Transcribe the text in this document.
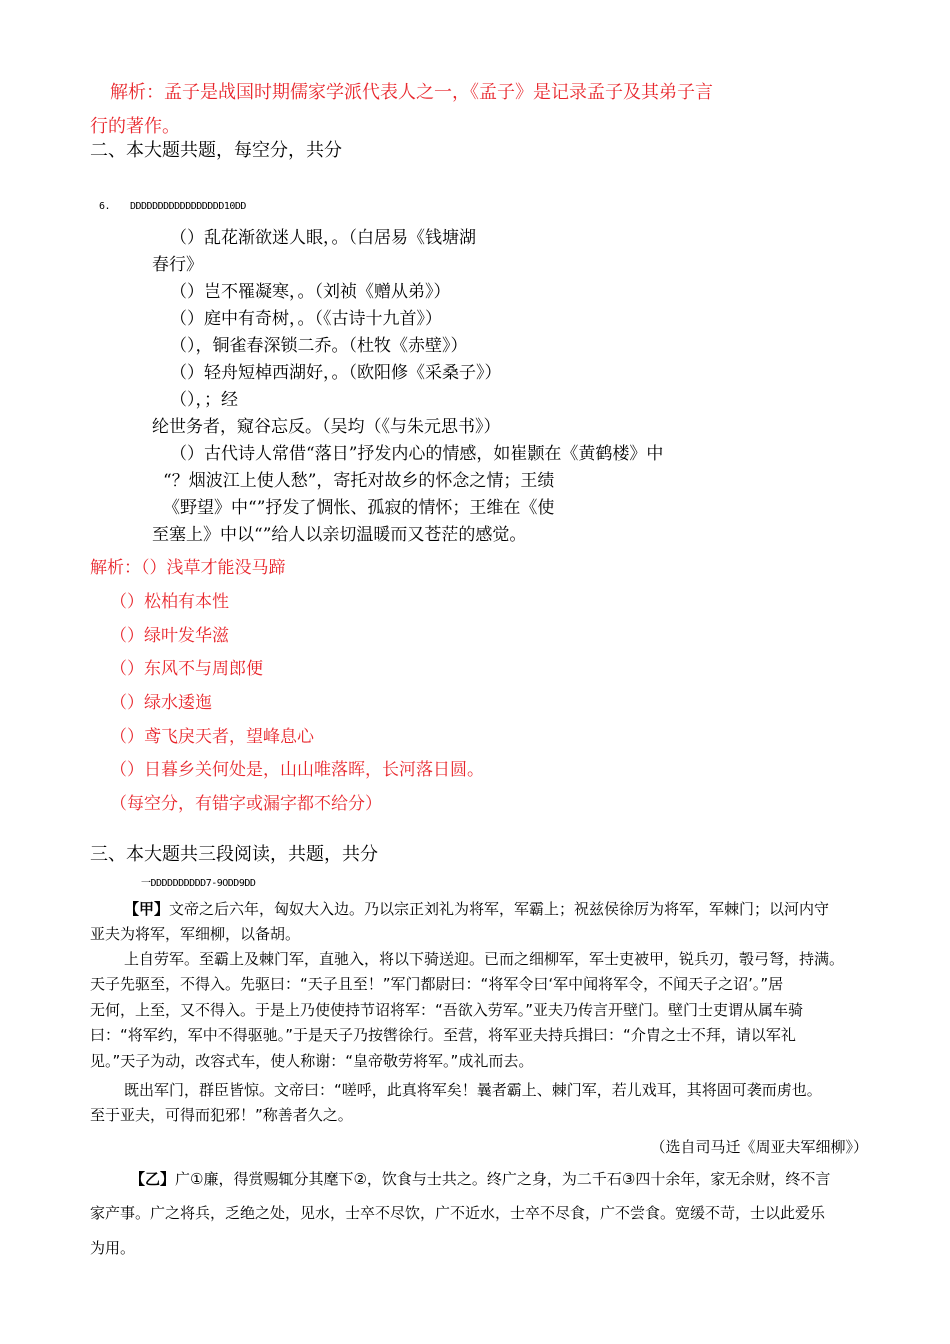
解析：孟子是战国时期儒家学派代表人之一，《孟子》是记录孟子及其弟子言
行的著作。
二、本大题共题，每空分，共分
6. DDDDDDDDDDDDDDDDD10DD
（）乱花渐欲迷人眼，。（白居易《钱塘湖
春行》
（）岂不罹凝寒，。（刘祯《赠从弟》）
（）庭中有奇树，。（《古诗十九首》）
（），铜雀春深锁二乔。（杜牧《赤壁》）
（）轻舟短棹西湖好，。（欧阳修《采桑子》）
（），；经
纶世务者，窥谷忘反。（吴均（《与朱元思书》）
（）古代诗人常借“落日”抒发内心的情感，如崔颢在《黄鹤楼》中
“？烟波江上使人愁”，寄托对故乡的怀念之情；王绩
《野望》中“”抒发了惆怅、孤寂的情怀；王维在《使
至塞上》中以“”给人以亲切温暖而又苍茫的感觉。
解析：（）浅草才能没马蹄
（）松柏有本性
（）绿叶发华滋
（）东风不与周郎便
（）绿水逶迤
（）鸢飞戾天者，望峰息心
（）日暮乡关何处是，山山唯落晖，长河落日圆。
（每空分，有错字或漏字都不给分）
三、本大题共三段阅读，共题，共分
一DDDDDDDDDD7-9ODD9DD
【甲】文帝之后六年，匈奴大入边。乃以宗正刘礼为将军，军霸上；祝兹侯徐厉为将军，军棘门；以河内守
亚夫为将军，军细柳，以备胡。
上自劳军。至霸上及棘门军，直驰入，将以下骑送迎。已而之细柳军，军士吏被甲，锐兵刃，彀弓弩，持满。
天子先驱至，不得入。先驱曰：“天子且至！”军门都尉曰：“将军令曰‘军中闻将军令，不闻天子之诏’。”居
无何，上至，又不得入。于是上乃使使持节诏将军：“吾欲入劳军。”亚夫乃传言开壁门。壁门士吏谓从属车骑
曰：“将军约，军中不得驱驰。”于是天子乃按辔徐行。至营，将军亚夫持兵揖曰：“介胄之士不拜，请以军礼
见。”天子为动，改容式车，使人称谢：“皇帝敬劳将军。”成礼而去。
既出军门，群臣皆惊。文帝曰：“嗟呼，此真将军矣！曩者霸上、棘门军，若儿戏耳，其将固可袭而虏也。
至于亚夫，可得而犯邪！”称善者久之。
（选自司马迁《周亚夫军细柳》）
【乙】广①廉，得赏赐辄分其麾下②，饮食与士共之。终广之身，为二千石③四十余年，家无余财，终不言
家产事。广之将兵，乏绝之处，见水，士卒不尽饮，广不近水，士卒不尽食，广不尝食。宽缓不苛，士以此爱乐
为用。
